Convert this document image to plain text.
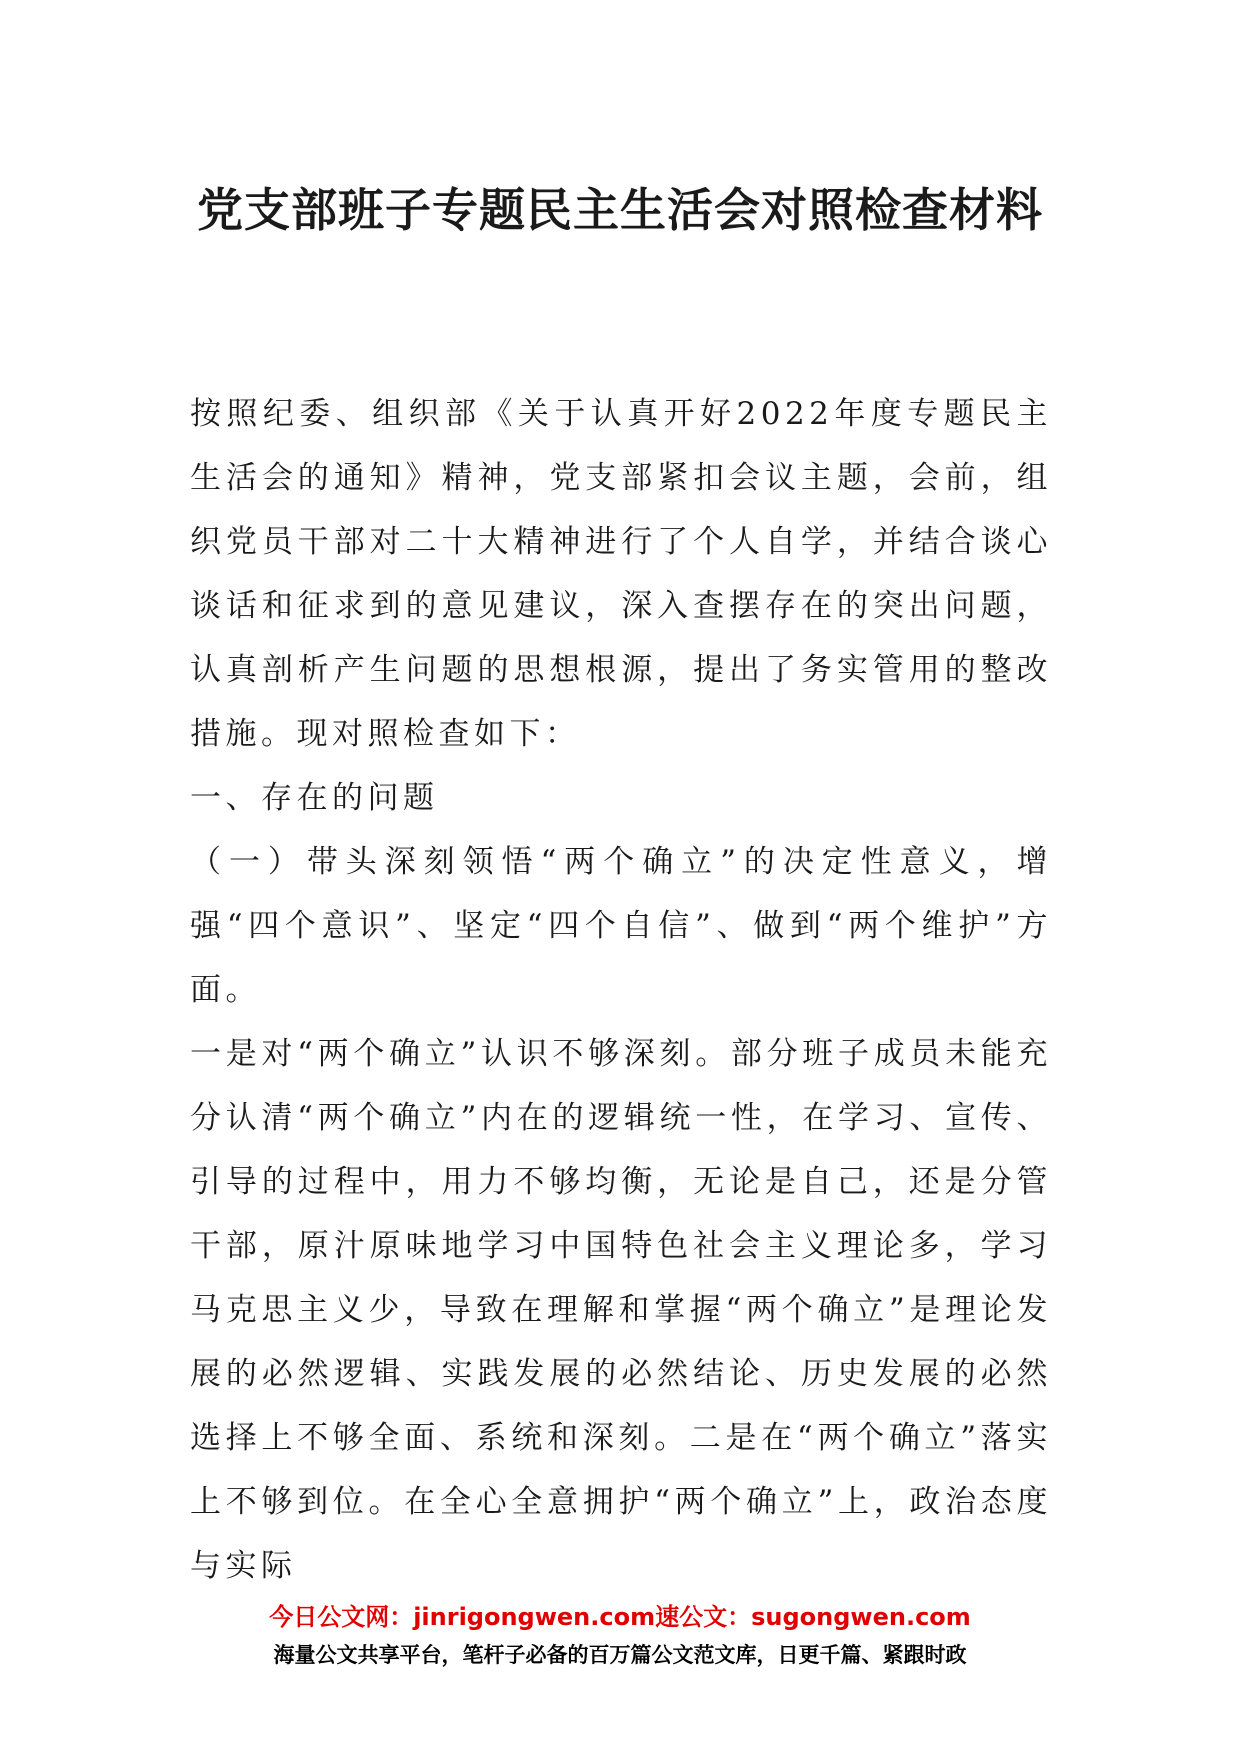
党支部班子专题民主生活会对照检查材料

按照纪委、组织部《关于认真开好2022年度专题民主生活会的通知》精神，党支部紧扣会议主题，会前，组织党员干部对二十大精神进行了个人自学，并结合谈心谈话和征求到的意见建议，深入查摆存在的突出问题，认真剖析产生问题的思想根源，提出了务实管用的整改措施。现对照检查如下：

一、存在的问题

（一）带头深刻领悟“两个确立”的决定性意义，增强“四个意识”、坚定“四个自信”、做到“两个维护”方面。

一是对“两个确立”认识不够深刻。部分班子成员未能充分认清“两个确立”内在的逻辑统一性，在学习、宣传、引导的过程中，用力不够均衡，无论是自己，还是分管干部，原汁原味地学习中国特色社会主义理论多，学习马克思主义少，导致在理解和掌握“两个确立”是理论发展的必然逻辑、实践发展的必然结论、历史发展的必然选择上不够全面、系统和深刻。二是在“两个确立”落实上不够到位。在全心全意拥护“两个确立”上，政治态度与实际

今日公文网：jinrigongwen.com速公文：sugongwen.com
海量公文共享平台，笔杆子必备的百万篇公文范文库，日更千篇、紧跟时政
